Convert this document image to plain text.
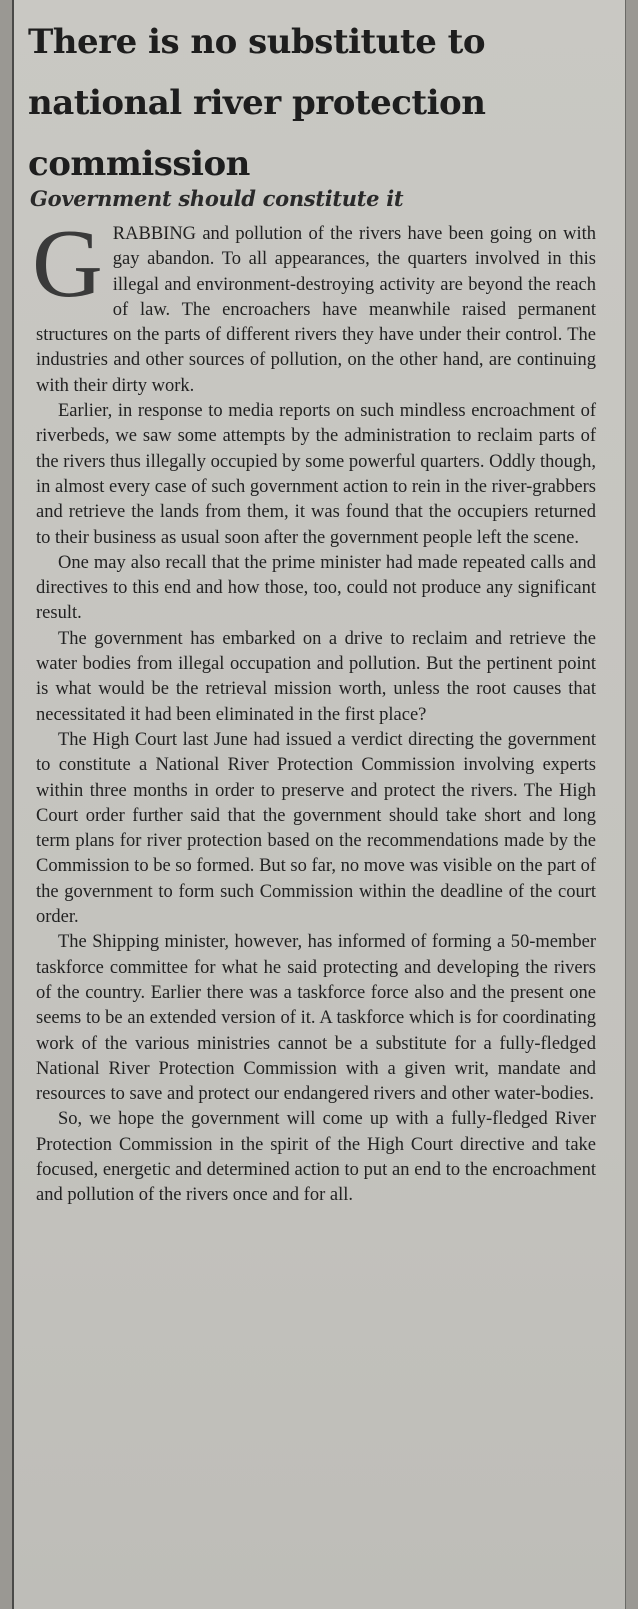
There is no substitute to national river protection commission
Government should constitute it

GRABBING and pollution of the rivers have been going on with gay abandon. To all appearances, the quarters involved in this illegal and environment-destroying activity are beyond the reach of law. The encroachers have meanwhile raised permanent structures on the parts of different rivers they have under their control. The industries and other sources of pollution, on the other hand, are continuing with their dirty work.

Earlier, in response to media reports on such mindless encroachment of riverbeds, we saw some attempts by the administration to reclaim parts of the rivers thus illegally occupied by some powerful quarters. Oddly though, in almost every case of such government action to rein in the river-grabbers and retrieve the lands from them, it was found that the occupiers returned to their business as usual soon after the government people left the scene.

One may also recall that the prime minister had made repeated calls and directives to this end and how those, too, could not produce any significant result.

The government has embarked on a drive to reclaim and retrieve the water bodies from illegal occupation and pollution. But the pertinent point is what would be the retrieval mission worth, unless the root causes that necessitated it had been eliminated in the first place?

The High Court last June had issued a verdict directing the government to constitute a National River Protection Commission involving experts within three months in order to preserve and protect the rivers. The High Court order further said that the government should take short and long term plans for river protection based on the recommendations made by the Commission to be so formed. But so far, no move was visible on the part of the government to form such Commission within the deadline of the court order.

The Shipping minister, however, has informed of forming a 50-member taskforce committee for what he said protecting and developing the rivers of the country. Earlier there was a taskforce force also and the present one seems to be an extended version of it. A taskforce which is for coordinating work of the various ministries cannot be a substitute for a fully-fledged National River Protection Commission with a given writ, mandate and resources to save and protect our endangered rivers and other water-bodies.

So, we hope the government will come up with a fully-fledged River Protection Commission in the spirit of the High Court directive and take focused, energetic and determined action to put an end to the encroachment and pollution of the rivers once and for all.
